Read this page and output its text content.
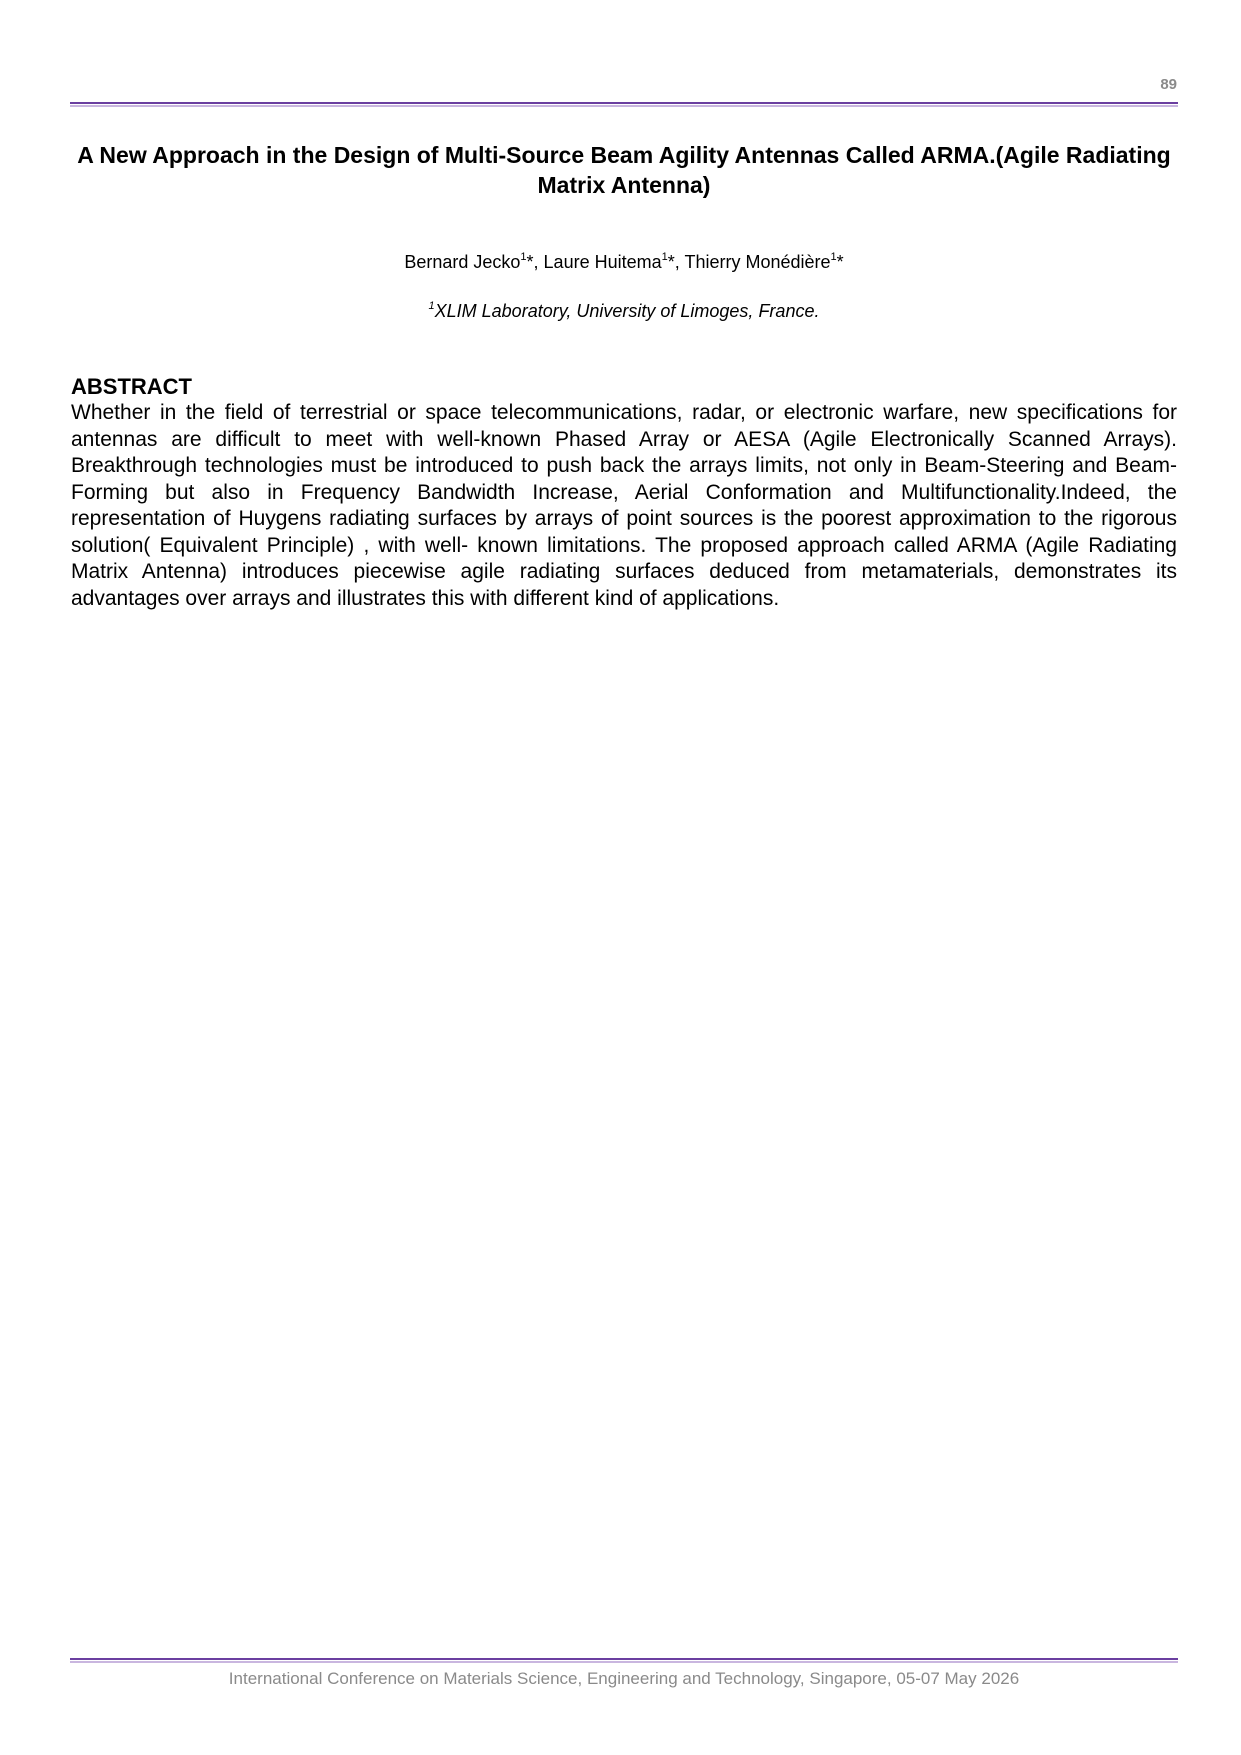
89
A New Approach in the Design of Multi-Source Beam Agility Antennas Called ARMA.(Agile Radiating Matrix Antenna)
Bernard Jecko$^1$*, Laure Huitema$^1$*, Thierry Monédière$^1$*
$^1$XLIM Laboratory, University of Limoges, France.
ABSTRACT
Whether in the field of terrestrial or space telecommunications, radar, or electronic warfare, new specifications for antennas are difficult to meet with well-known Phased Array or AESA (Agile Electronically Scanned Arrays). Breakthrough technologies must be introduced to push back the arrays limits, not only in Beam-Steering and Beam-Forming but also in Frequency Bandwidth Increase, Aerial Conformation and Multifunctionality.Indeed, the representation of Huygens radiating surfaces by arrays of point sources is the poorest approximation to the rigorous solution( Equivalent Principle) , with well- known limitations. The proposed approach called ARMA (Agile Radiating Matrix Antenna) introduces piecewise agile radiating surfaces deduced from metamaterials, demonstrates its advantages over arrays and illustrates this with different kind of applications.
International Conference on Materials Science, Engineering and Technology, Singapore, 05-07 May 2026
